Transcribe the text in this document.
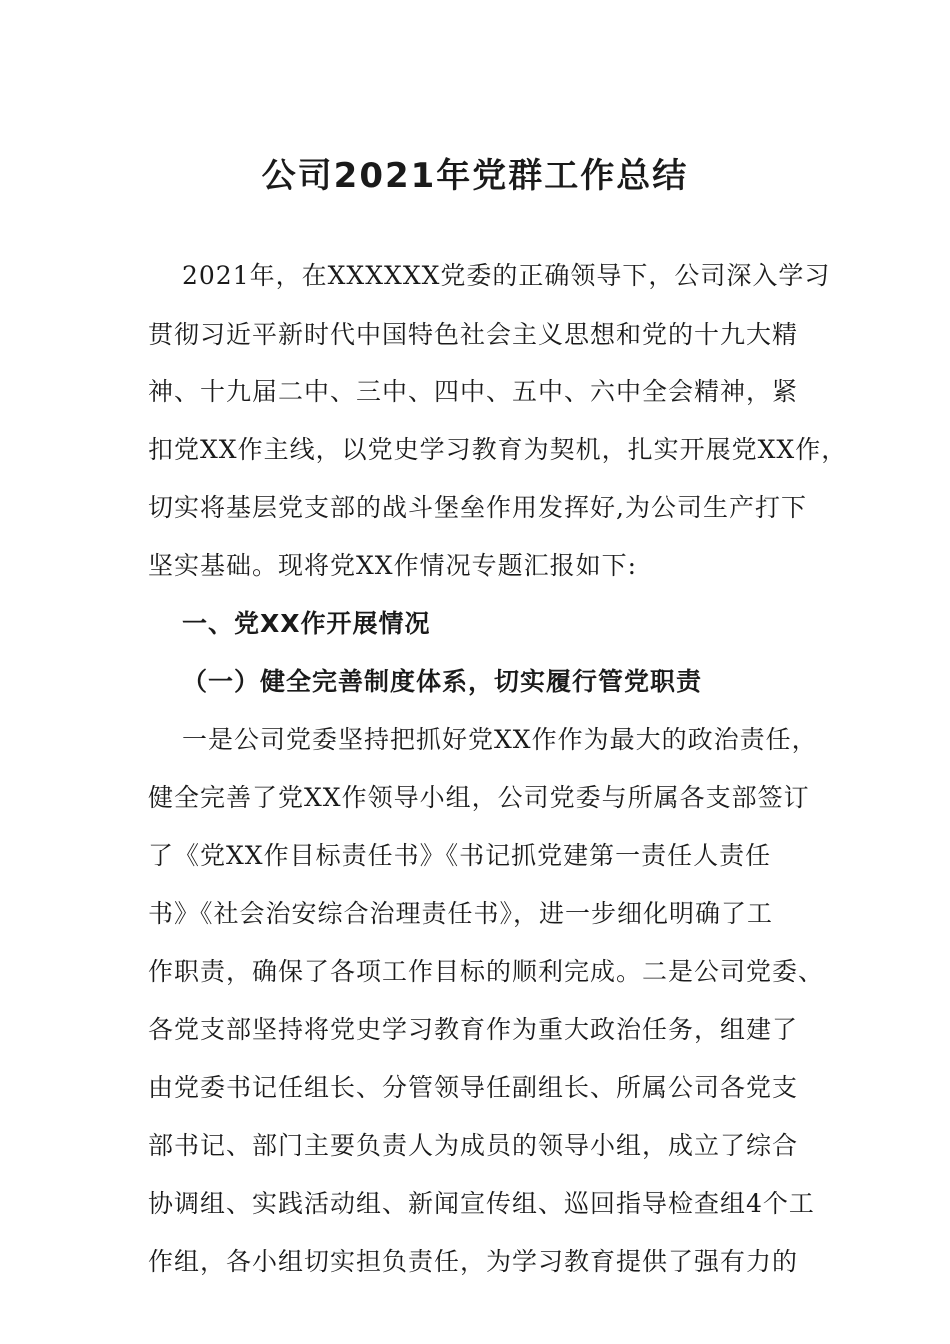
公司2021年党群工作总结
2021年，在XXXXXX党委的正确领导下，公司深入学习
贯彻习近平新时代中国特色社会主义思想和党的十九大精
神、十九届二中、三中、四中、五中、六中全会精神，紧
扣党XX作主线，以党史学习教育为契机，扎实开展党XX作，
切实将基层党支部的战斗堡垒作用发挥好,为公司生产打下
坚实基础。现将党XX作情况专题汇报如下:
一、党XX作开展情况
（一）健全完善制度体系，切实履行管党职责
一是公司党委坚持把抓好党XX作作为最大的政治责任，
健全完善了党XX作领导小组，公司党委与所属各支部签订
了《党XX作目标责任书》《书记抓党建第一责任人责任
书》《社会治安综合治理责任书》，进一步细化明确了工
作职责，确保了各项工作目标的顺利完成。二是公司党委、
各党支部坚持将党史学习教育作为重大政治任务，组建了
由党委书记任组长、分管领导任副组长、所属公司各党支
部书记、部门主要负责人为成员的领导小组，成立了综合
协调组、实践活动组、新闻宣传组、巡回指导检查组4个工
作组，各小组切实担负责任，为学习教育提供了强有力的
